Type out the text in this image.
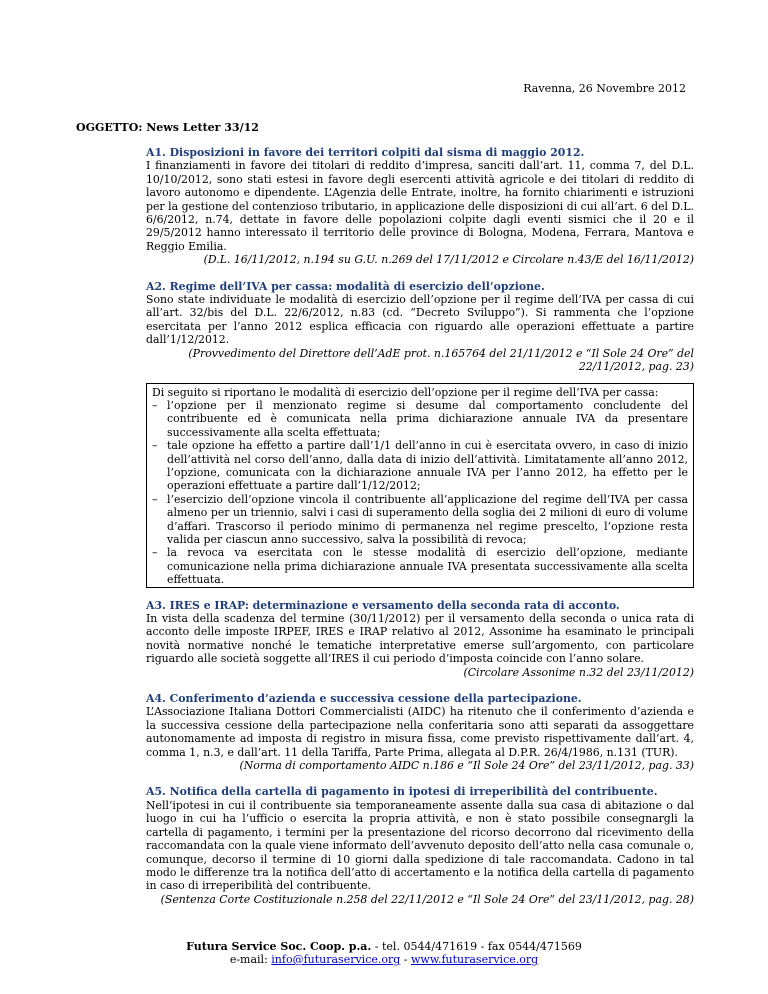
Ravenna, 26 Novembre 2012
OGGETTO: News Letter 33/12
A1. Disposizioni in favore dei territori colpiti dal sisma di maggio 2012.
I finanziamenti in favore dei titolari di reddito d’impresa, sanciti dall’art. 11, comma 7, del D.L. 10/10/2012, sono stati estesi in favore degli esercenti attività agricole e dei titolari di reddito di lavoro autonomo e dipendente. L’Agenzia delle Entrate, inoltre, ha fornito chiarimenti e istruzioni per la gestione del contenzioso tributario, in applicazione delle disposizioni di cui all’art. 6 del D.L. 6/6/2012, n.74, dettate in favore delle popolazioni colpite dagli eventi sismici che il 20 e il 29/5/2012 hanno interessato il territorio delle province di Bologna, Modena, Ferrara, Mantova e Reggio Emilia.
(D.L. 16/11/2012, n.194 su G.U. n.269 del 17/11/2012 e Circolare n.43/E del 16/11/2012)
A2. Regime dell’IVA per cassa: modalità di esercizio dell’opzione.
Sono state individuate le modalità di esercizio dell’opzione per il regime dell’IVA per cassa di cui all’art. 32/bis del D.L. 22/6/2012, n.83 (cd. “Decreto Sviluppo”). Si rammenta che l’opzione esercitata per l’anno 2012 esplica efficacia con riguardo alle operazioni effettuate a partire dall’1/12/2012.
(Provvedimento del Direttore dell’AdE prot. n.165764 del 21/11/2012 e “Il Sole 24 Ore” del 22/11/2012, pag. 23)
Di seguito si riportano le modalità di esercizio dell’opzione per il regime dell’IVA per cassa:
– l’opzione per il menzionato regime si desume dal comportamento concludente del contribuente ed è comunicata nella prima dichiarazione annuale IVA da presentare successivamente alla scelta effettuata;
– tale opzione ha effetto a partire dall’1/1 dell’anno in cui è esercitata ovvero, in caso di inizio dell’attività nel corso dell’anno, dalla data di inizio dell’attività. Limitatamente all’anno 2012, l’opzione, comunicata con la dichiarazione annuale IVA per l’anno 2012, ha effetto per le operazioni effettuate a partire dall’1/12/2012;
– l’esercizio dell’opzione vincola il contribuente all’applicazione del regime dell’IVA per cassa almeno per un triennio, salvi i casi di superamento della soglia dei 2 milioni di euro di volume d’affari. Trascorso il periodo minimo di permanenza nel regime prescelto, l’opzione resta valida per ciascun anno successivo, salva la possibilità di revoca;
– la revoca va esercitata con le stesse modalità di esercizio dell’opzione, mediante comunicazione nella prima dichiarazione annuale IVA presentata successivamente alla scelta effettuata.
A3. IRES e IRAP: determinazione e versamento della seconda rata di acconto.
In vista della scadenza del termine (30/11/2012) per il versamento della seconda o unica rata di acconto delle imposte IRPEF, IRES e IRAP relativo al 2012, Assonime ha esaminato le principali novità normative nonché le tematiche interpretative emerse sull’argomento, con particolare riguardo alle società soggette all’IRES il cui periodo d’imposta coincide con l’anno solare.
(Circolare Assonime n.32 del 23/11/2012)
A4. Conferimento d’azienda e successiva cessione della partecipazione.
L’Associazione Italiana Dottori Commercialisti (AIDC) ha ritenuto che il conferimento d’azienda e la successiva cessione della partecipazione nella conferitaria sono atti separati da assoggettare autonomamente ad imposta di registro in misura fissa, come previsto rispettivamente dall’art. 4, comma 1, n.3, e dall’art. 11 della Tariffa, Parte Prima, allegata al D.P.R. 26/4/1986, n.131 (TUR).
(Norma di comportamento AIDC n.186 e “Il Sole 24 Ore” del 23/11/2012, pag. 33)
A5. Notifica della cartella di pagamento in ipotesi di irreperibilità del contribuente.
Nell’ipotesi in cui il contribuente sia temporaneamente assente dalla sua casa di abitazione o dal luogo in cui ha l’ufficio o esercita la propria attività, e non è stato possibile consegnargli la cartella di pagamento, i termini per la presentazione del ricorso decorrono dal ricevimento della raccomandata con la quale viene informato dell’avvenuto deposito dell’atto nella casa comunale o, comunque, decorso il termine di 10 giorni dalla spedizione di tale raccomandata. Cadono in tal modo le differenze tra la notifica dell’atto di accertamento e la notifica della cartella di pagamento in caso di irreperibilità del contribuente.
(Sentenza Corte Costituzionale n.258 del 22/11/2012 e “Il Sole 24 Ore” del 23/11/2012, pag. 28)
Futura Service Soc. Coop. p.a. - tel. 0544/471619 - fax 0544/471569
e-mail: info@futuraservice.org - www.futuraservice.org
